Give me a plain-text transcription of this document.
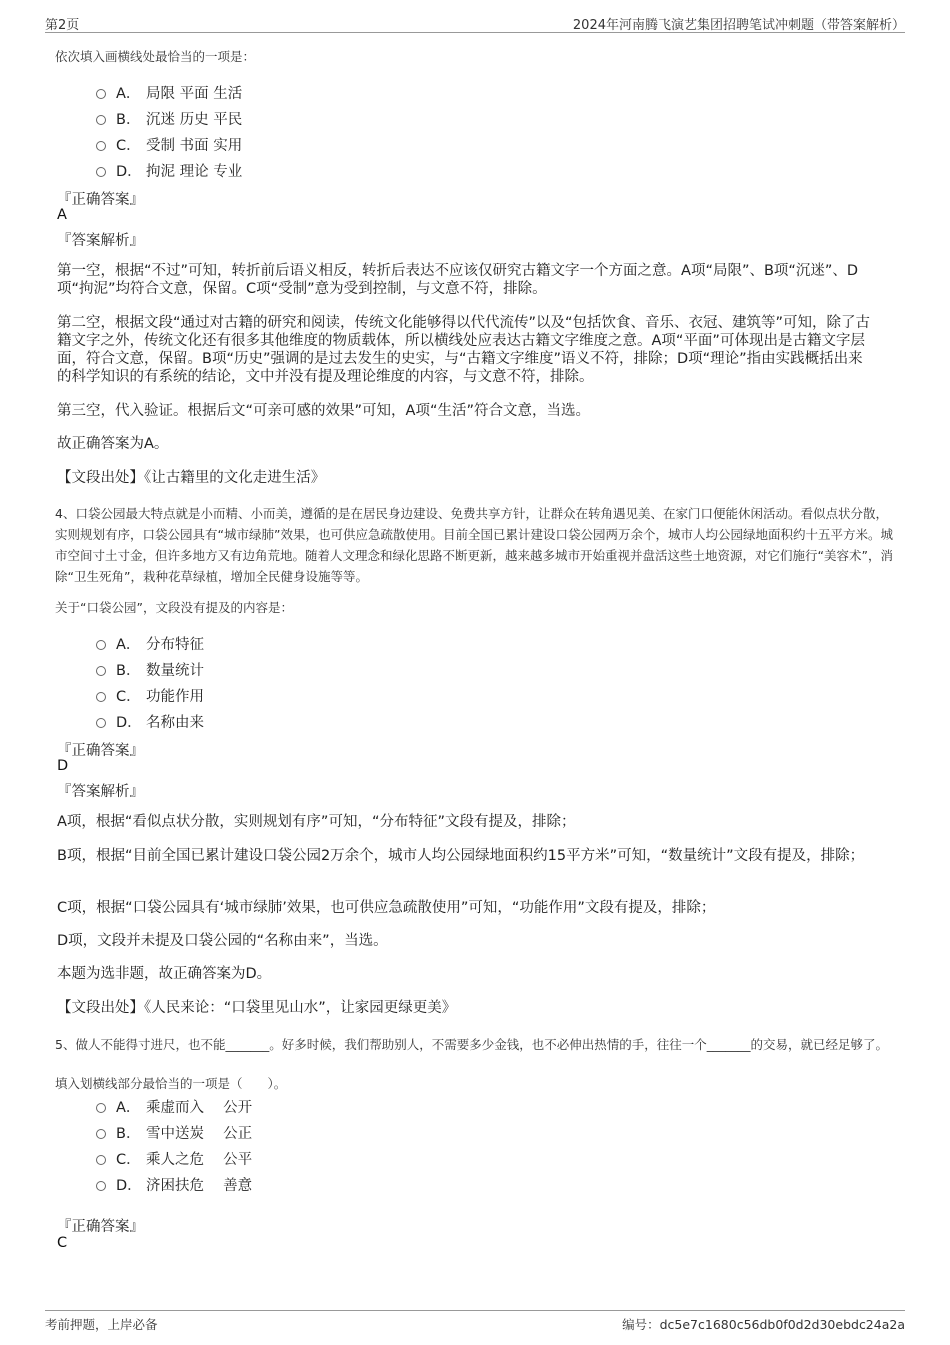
第2页	2024年河南腾飞演艺集团招聘笔试冲刺题（带答案解析）
依次填入画横线处最恰当的一项是：
A． 局限 平面 生活
B． 沉迷 历史 平民
C． 受制 书面 实用
D． 拘泥 理论 专业
『正确答案』
A
『答案解析』
第一空，根据“不过”可知，转折前后语义相反，转折后表达不应该仅研究古籍文字一个方面之意。A项“局限”、B项“沉迷”、D项“拘泥”均符合文意，保留。C项“受制”意为受到控制，与文意不符，排除。
第二空，根据文段“通过对古籍的研究和阅读，传统文化能够得以代代流传”以及“包括饮食、音乐、衣冠、建筑等”可知，除了古籍文字之外，传统文化还有很多其他维度的物质载体，所以横线处应表达古籍文字维度之意。A项“平面”可体现出是古籍文字层面，符合文意，保留。B项“历史”强调的是过去发生的史实，与“古籍文字维度”语义不符，排除；D项“理论”指由实践概括出来的科学知识的有系统的结论，文中并没有提及理论维度的内容，与文意不符，排除。
第三空，代入验证。根据后文“可亲可感的效果”可知，A项“生活”符合文意，当选。
故正确答案为A。
【文段出处】《让古籍里的文化走进生活》
4、口袋公园最大特点就是小而精、小而美，遵循的是在居民身边建设、免费共享方针，让群众在转角遇见美、在家门口便能休闲活动。看似点状分散，实则规划有序，口袋公园具有“城市绿肺”效果，也可供应急疏散使用。目前全国已累计建设口袋公园两万余个，城市人均公园绿地面积约十五平方米。城市空间寸土寸金，但许多地方又有边角荒地。随着人文理念和绿化思路不断更新，越来越多城市开始重视并盘活这些土地资源，对它们施行“美容术”，消除“卫生死角”，栽种花草绿植，增加全民健身设施等等。
关于“口袋公园”，文段没有提及的内容是：
A． 分布特征
B． 数量统计
C． 功能作用
D． 名称由来
『正确答案』
D
『答案解析』
A项，根据“看似点状分散，实则规划有序”可知，“分布特征”文段有提及，排除；
B项，根据“目前全国已累计建设口袋公园2万余个，城市人均公园绿地面积约15平方米”可知，“数量统计”文段有提及，排除；
C项，根据“口袋公园具有‘城市绿肺’效果，也可供应急疏散使用”可知，“功能作用”文段有提及，排除；
D项，文段并未提及口袋公园的“名称由来”，当选。
本题为选非题，故正确答案为D。
【文段出处】《人民来论：“口袋里见山水”，让家园更绿更美》
5、做人不能得寸进尺，也不能_______。好多时候，我们帮助别人，不需要多少金钱，也不必伸出热情的手，往往一个_______的交易，就已经足够了。
填入划横线部分最恰当的一项是（　　）。
A． 乘虚而入　 公开
B． 雪中送炭　 公正
C． 乘人之危　 公平
D． 济困扶危　 善意
『正确答案』
C
考前押题，上岸必备	编号：dc5e7c1680c56db0f0d2d30ebdc24a2a
